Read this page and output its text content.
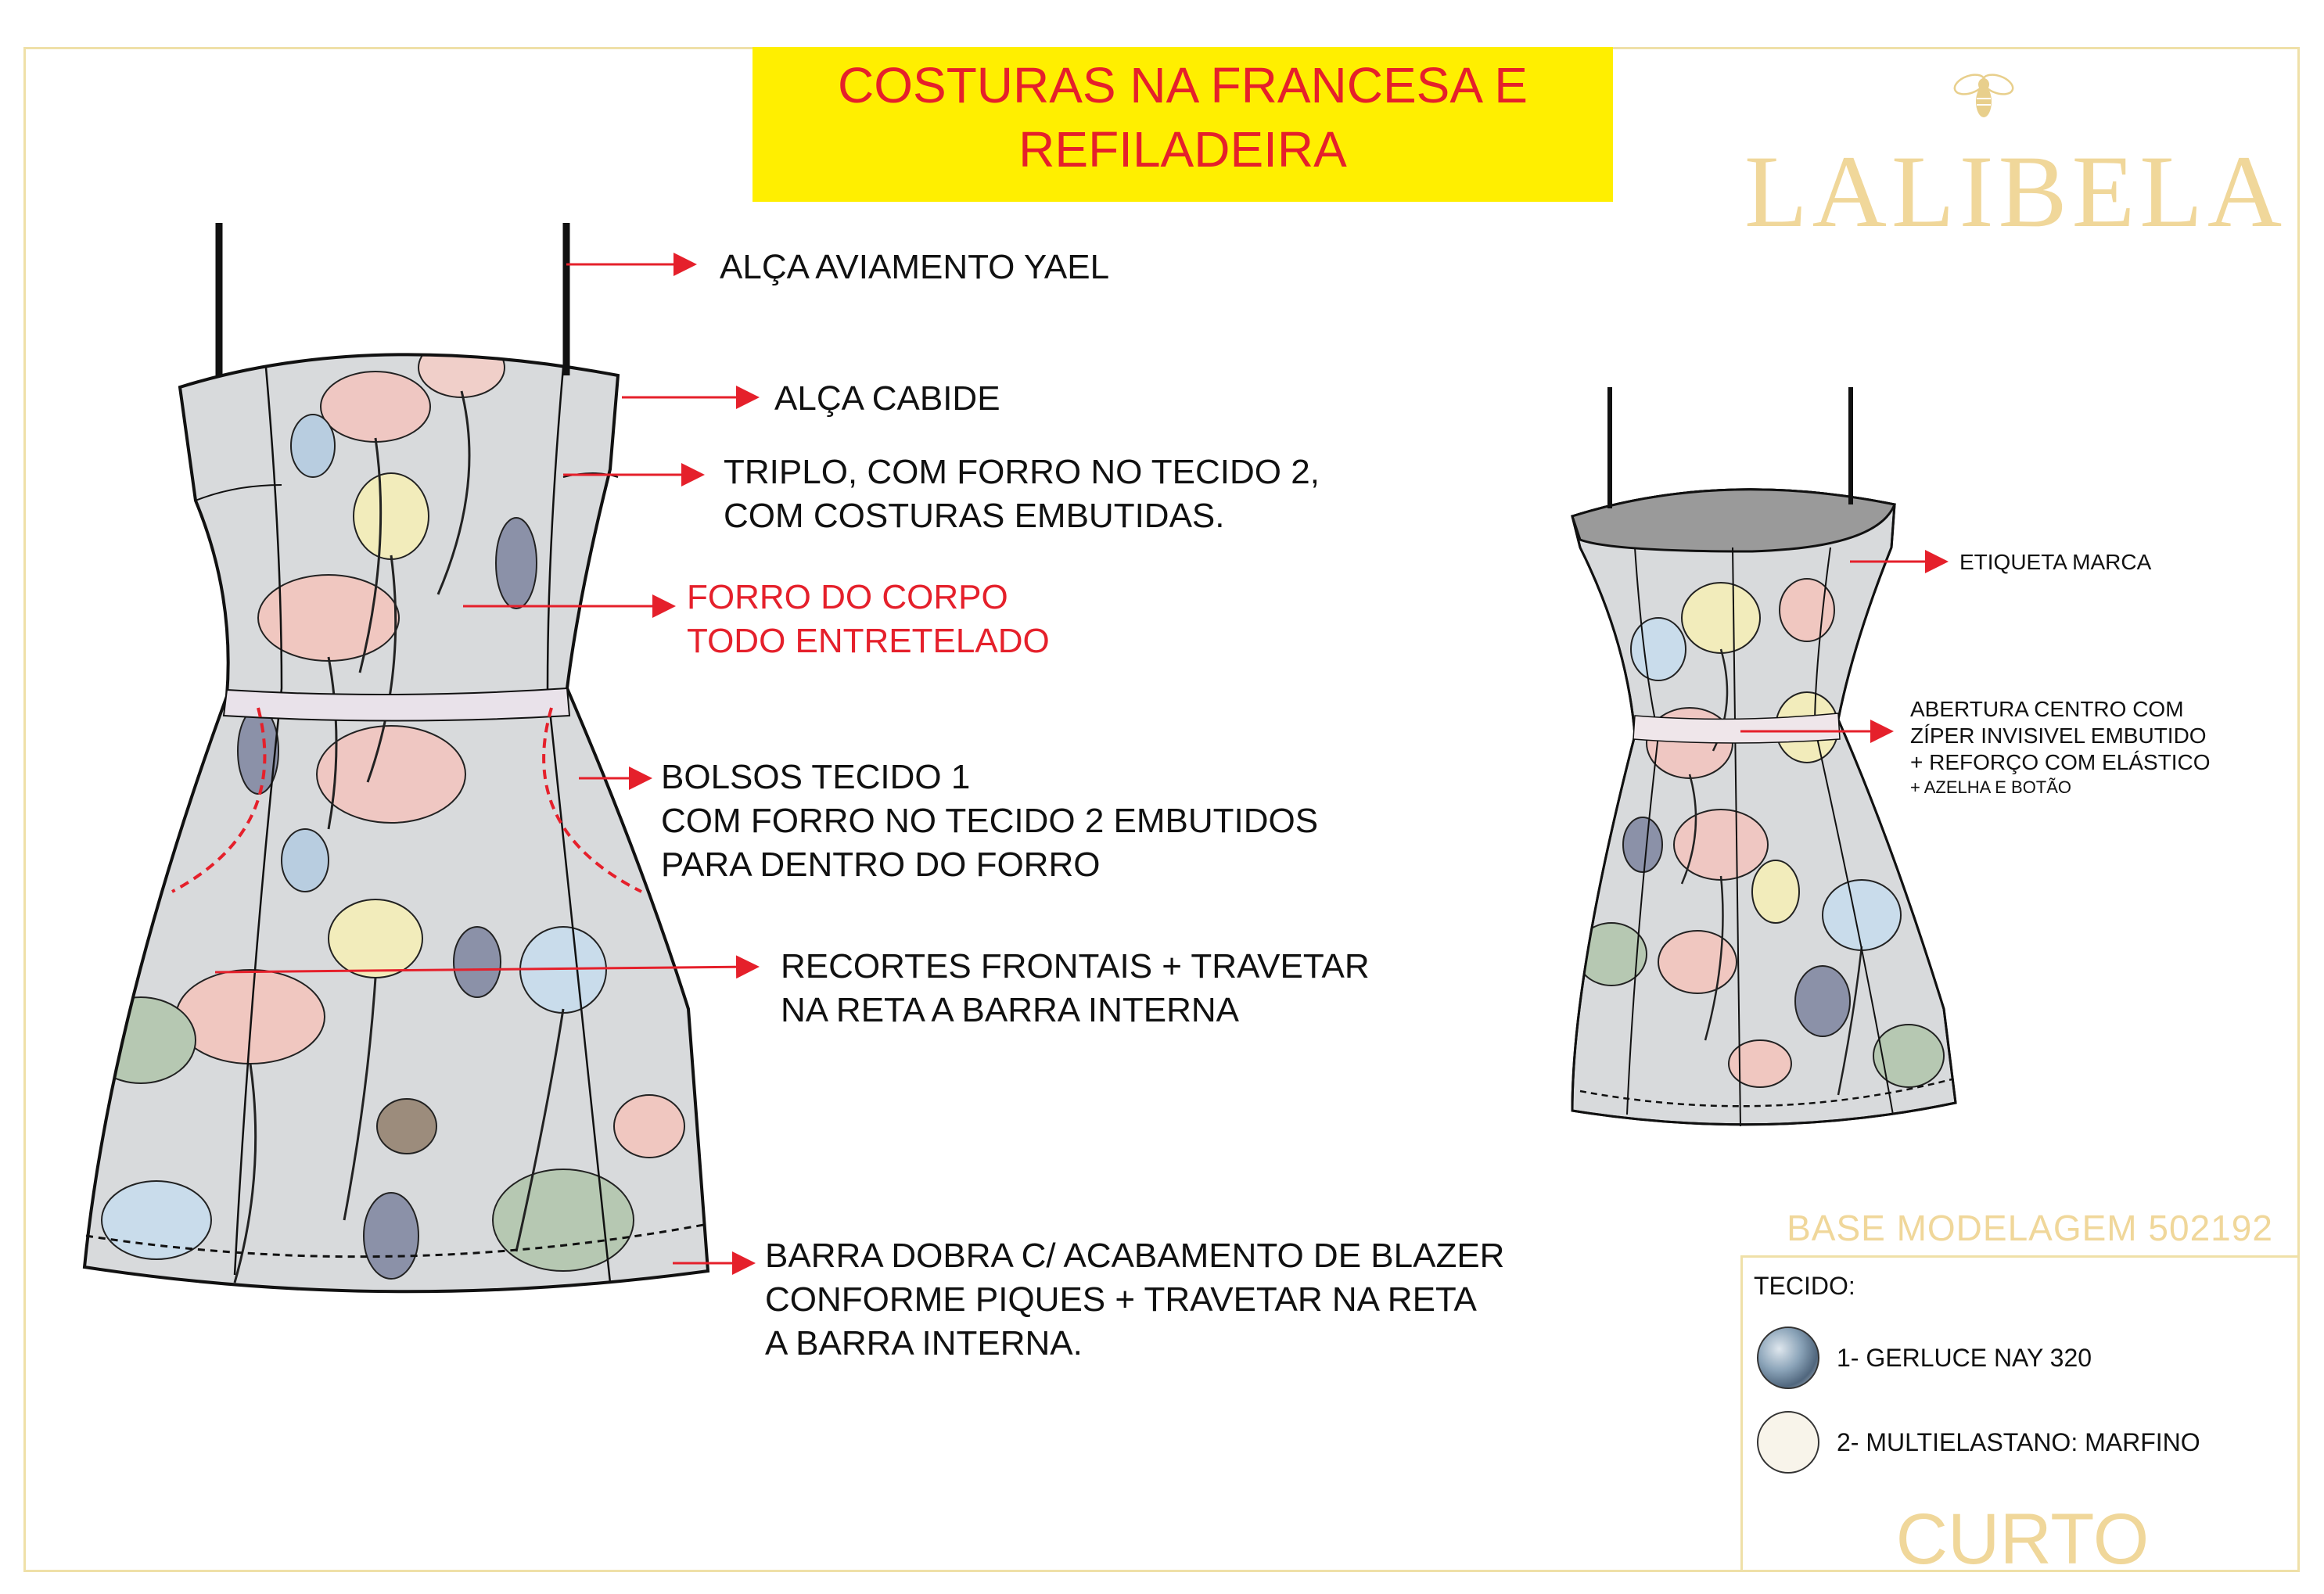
COSTURAS NA FRANCESA E
REFILADEIRA	LALIBELA
ALÇA AVIAMENTO YAEL
ALÇA CABIDE
TRIPLO, COM FORRO NO TECIDO 2,
COM COSTURAS EMBUTIDAS.
FORRO DO CORPO
TODO ENTRETELADO
BOLSOS TECIDO 1
COM FORRO NO TECIDO 2 EMBUTIDOS
PARA DENTRO DO FORRO
RECORTES FRONTAIS + TRAVETAR
NA RETA A BARRA INTERNA
BARRA DOBRA C/ ACABAMENTO DE BLAZER
CONFORME PIQUES + TRAVETAR NA RETA
A BARRA INTERNA.
ETIQUETA MARCA
ABERTURA CENTRO COM
ZÍPER INVISIVEL EMBUTIDO
+ REFORÇO COM ELÁSTICO
+ AZELHA E BOTÃO
BASE MODELAGEM 502192
TECIDO:
1- GERLUCE NAY 320
2- MULTIELASTANO: MARFINO
CURTO
